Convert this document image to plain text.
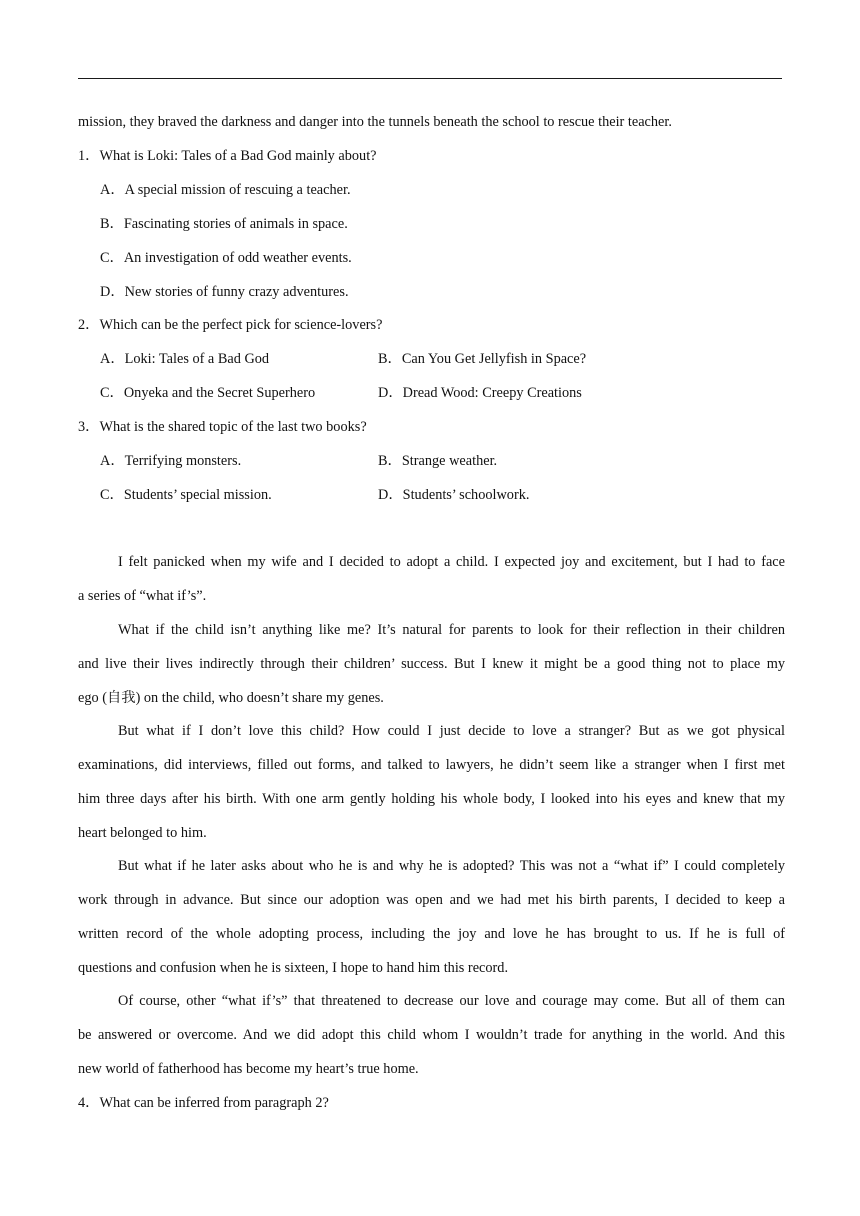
mission, they braved the darkness and danger into the tunnels beneath the school to rescue their teacher.
1．What is Loki: Tales of a Bad God mainly about?
A．A special mission of rescuing a teacher.
B．Fascinating stories of animals in space.
C．An investigation of odd weather events.
D．New stories of funny crazy adventures.
2．Which can be the perfect pick for science-lovers?
A．Loki: Tales of a Bad God	B．Can You Get Jellyfish in Space?
C．Onyeka and the Secret Superhero	D．Dread Wood: Creepy Creations
3．What is the shared topic of the last two books?
A．Terrifying monsters.	B．Strange weather.
C．Students’ special mission.	D．Students’ schoolwork.
I felt panicked when my wife and I decided to adopt a child. I expected joy and excitement, but I had to face
a series of “what if’s”.
What if the child isn’t anything like me? It’s natural for parents to look for their reflection in their children
and live their lives indirectly through their children’ success. But I knew it might be a good thing not to place my
ego (自我) on the child, who doesn’t share my genes.
But what if I don’t love this child? How could I just decide to love a stranger? But as we got physical
examinations, did interviews, filled out forms, and talked to lawyers, he didn’t seem like a stranger when I first met
him three days after his birth. With one arm gently holding his whole body, I looked into his eyes and knew that my
heart belonged to him.
But what if he later asks about who he is and why he is adopted? This was not a “what if” I could completely
work through in advance. But since our adoption was open and we had met his birth parents, I decided to keep a
written record of the whole adopting process, including the joy and love he has brought to us. If he is full of
questions and confusion when he is sixteen, I hope to hand him this record.
Of course, other “what if’s” that threatened to decrease our love and courage may come. But all of them can
be answered or overcome. And we did adopt this child whom I wouldn’t trade for anything in the world. And this
new world of fatherhood has become my heart’s true home.
4．What can be inferred from paragraph 2?
